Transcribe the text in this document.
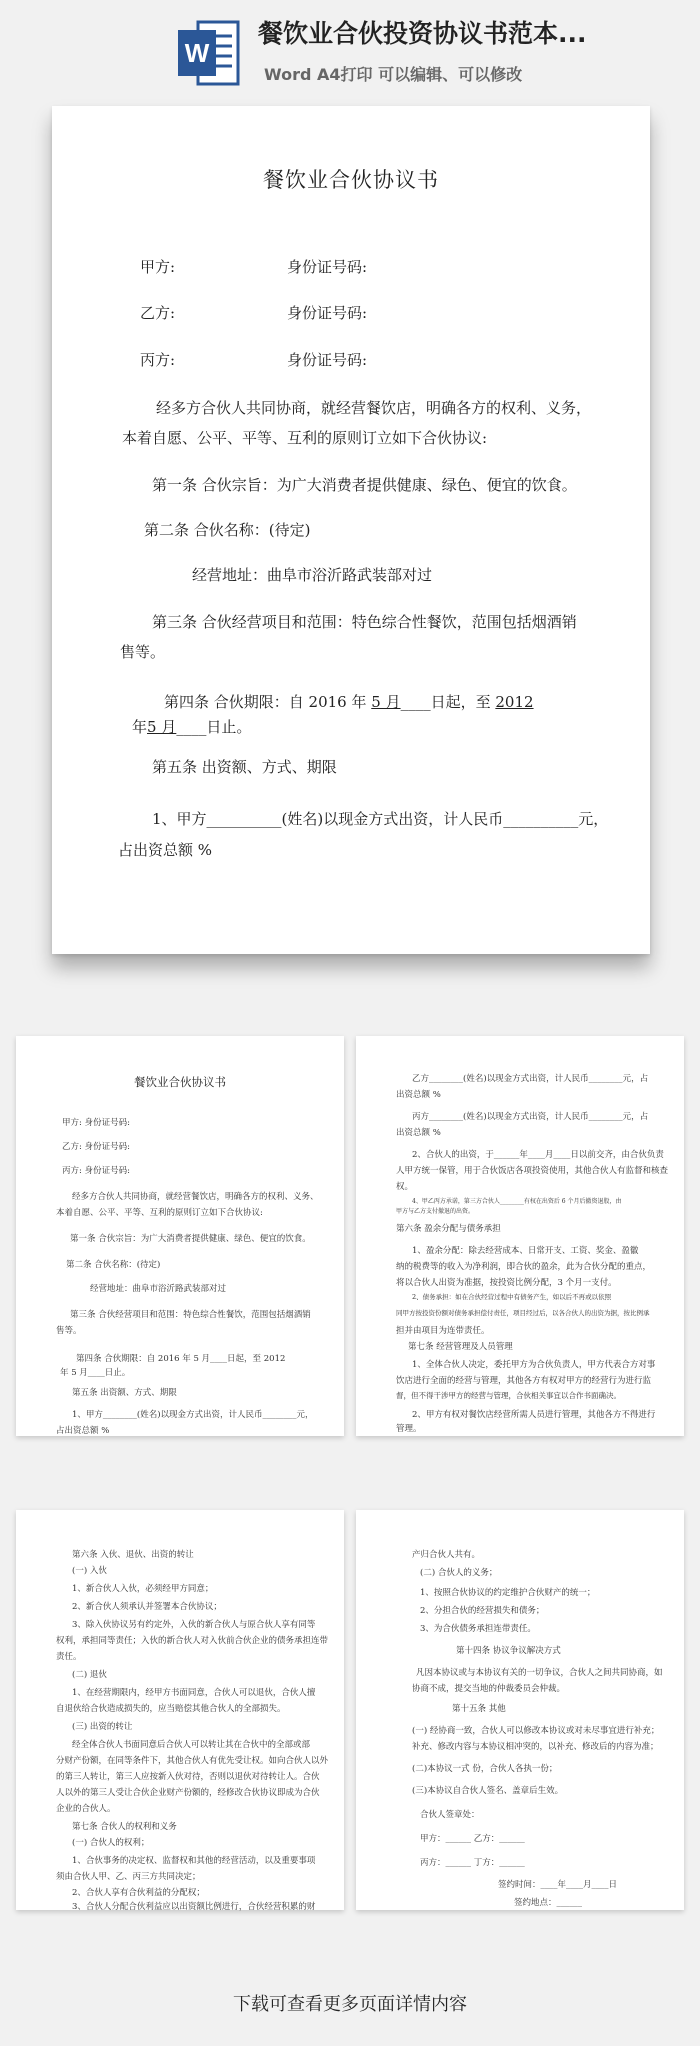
W
餐饮业合伙投资协议书范本...
Word A4打印 可以编辑、可以修改
餐饮业合伙协议书
甲方:	身份证号码:
乙方:	身份证号码:
丙方:	身份证号码:
经多方合伙人共同协商，就经营餐饮店，明确各方的权利、义务，
本着自愿、公平、平等、互利的原则订立如下合伙协议:
第一条 合伙宗旨：为广大消费者提供健康、绿色、便宜的饮食。
第二条 合伙名称：(待定)
经营地址：曲阜市浴沂路武装部对过
第三条 合伙经营项目和范围：特色综合性餐饮，范围包括烟酒销
售等。
第四条 合伙期限：自 2016 年 5 月____日起，至 2012
年5 月____日止。
第五条 出资额、方式、期限
1、甲方__________(姓名)以现金方式出资，计人民币__________元，
占出资总额 %
餐饮业合伙协议书
甲方: 身份证号码:
乙方: 身份证号码:
丙方: 身份证号码:
经多方合伙人共同协商，就经营餐饮店，明确各方的权利、义务、
本着自愿、公平、平等、互利的原则订立如下合伙协议:
第一条 合伙宗旨：为广大消费者提供健康、绿色、便宜的饮食。
第二条 合伙名称：(待定)
经营地址：曲阜市浴沂路武装部对过
第三条 合伙经营项目和范围：特色综合性餐饮，范围包括烟酒销
售等。
第四条 合伙期限：自 2016 年 5 月____日起，至 2012
年 5 月____日止。
第五条 出资额、方式、期限
1、甲方________(姓名)以现金方式出资，计人民币________元，
占出资总额 %
乙方________(姓名)以现金方式出资，计人民币________元，占
出资总额 %
丙方________(姓名)以现金方式出资，计人民币________元，占
出资总额 %
2、合伙人的出资，于______年____月____日以前交齐，由合伙负责
人甲方统一保管，用于合伙饭店各项投资使用，其他合伙人有监督和核查
权。
4、甲乙丙方承诺，第三方合伙人________有权在出资后 6 个月后撤资退股，由
甲方与乙方支付撤退的出资。
第六条 盈余分配与债务承担
1、盈余分配：除去经营成本、日常开支、工资、奖金、盈徽
纳的税费等的收入为净利润，即合伙的盈余，此为合伙分配的重点，
将以合伙人出资为准据，按投资比例分配，3 个月一支付。
2、债务承担：如在合伙经营过程中有债务产生，如以后不再或以依照
同甲方按投资份额对债务承担偿付责任，项目经过后，以各合伙人的出资为据，按比例承
担并由项目为连带责任。
第七条 经营管理及人员管理
1、全体合伙人决定，委托甲方为合伙负责人，甲方代表合方对事
饮店进行全面的经营与管理，其他各方有权对甲方的经营行为进行监
督，但不得干涉甲方的经营与管理，合伙相关事宜以合作书面确决。
2、甲方有权对餐饮店经营所需人员进行管理，其他各方不得进行
管理。
第六条 入伙、退伙、出资的转让
(一) 入伙
1、新合伙人入伙，必须经甲方同意；
2、新合伙人须承认并签署本合伙协议；
3、除入伙协议另有约定外，入伙的新合伙人与原合伙人享有同等
权利，承担同等责任；入伙的新合伙人对入伙前合伙企业的债务承担连带
责任。
(二) 退伙
1、在经营期限内，经甲方书面同意，合伙人可以退伙，合伙人擅
自退伙给合伙造成损失的，应当赔偿其他合伙人的全部损失。
(三) 出资的转让
经全体合伙人书面同意后合伙人可以转让其在合伙中的全部或部
分财产份额，在同等条件下，其他合伙人有优先受让权。如向合伙人以外
的第三人转让，第三人应按新入伙对待，否则以退伙对待转让人。合伙
人以外的第三人受让合伙企业财产份额的，经修改合伙协议即成为合伙
企业的合伙人。
第七条 合伙人的权利和义务
(一) 合伙人的权利；
1、合伙事务的决定权、监督权和其他的经营活动，以及重要事项
须由合伙人甲、乙、丙三方共同决定；
2、合伙人享有合伙利益的分配权；
3、合伙人分配合伙利益应以出资额比例进行，合伙经营积累的财
产归合伙人共有。
(二) 合伙人的义务；
1、按照合伙协议的约定维护合伙财产的统一；
2、分担合伙的经营损失和债务；
3、为合伙债务承担连带责任。
第十四条 协议争议解决方式
凡因本协议或与本协议有关的一切争议，合伙人之间共同协商，如
协商不成，提交当地的仲裁委员会仲裁。
第十五条 其他
(一) 经协商一致，合伙人可以修改本协议或对未尽事宜进行补充；
补充、修改内容与本协议相冲突的，以补充、修改后的内容为准；
(二)本协议一式 份，合伙人各执一份；
(三)本协议自合伙人签名、盖章后生效。
合伙人签章处：
甲方：______ 乙方：______
丙方：______ 丁方：______
签约时间：____年____月____日
签约地点：______
下载可查看更多页面详情内容
